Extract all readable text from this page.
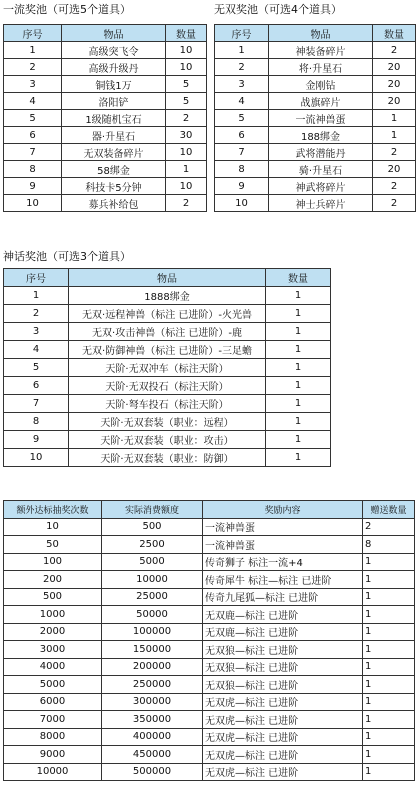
一流奖池（可选5个道具）
序号	物品	数量
1	高级突飞令	10
2	高级升级丹	10
3	铜钱1万	5
4	洛阳铲	5
5	1级随机宝石	2
6	器·升星石	30
7	无双装备碎片	10
8	58绑金	1
9	科技卡5分钟	10
10	募兵补给包	2
无双奖池（可选4个道具）
序号	物品	数量
1	神装备碎片	2
2	将·升星石	20
3	金刚钻	20
4	战旗碎片	20
5	一流神兽蛋	1
6	188绑金	1
7	武将潜能丹	2
8	骑·升星石	20
9	神武将碎片	2
10	神士兵碎片	2
神话奖池（可选3个道具）
序号	物品	数量
1	1888绑金	1
2	无双·远程神兽（标注 已进阶）-火光兽	1
3	无双·攻击神兽（标注 已进阶）-鹿	1
4	无双·防御神兽（标注 已进阶）-三足蟾	1
5	天阶·无双冲车（标注天阶）	1
6	天阶·无双投石（标注天阶）	1
7	天阶·弩车投石（标注天阶）	1
8	天阶·无双套装（职业：远程）	1
9	天阶·无双套装（职业：攻击）	1
10	天阶·无双套装（职业：防御）	1
额外达标抽奖次数	实际消费额度	奖励内容	赠送数量
10	500	一流神兽蛋	2
50	2500	一流神兽蛋	8
100	5000	传奇狮子 标注一流+4	1
200	10000	传奇犀牛 标注—标注 已进阶	1
500	25000	传奇九尾狐—标注 已进阶	1
1000	50000	无双鹿—标注 已进阶	1
2000	100000	无双鹿—标注 已进阶	1
3000	150000	无双狼—标注 已进阶	1
4000	200000	无双狼—标注 已进阶	1
5000	250000	无双狼—标注 已进阶	1
6000	300000	无双虎—标注 已进阶	1
7000	350000	无双虎—标注 已进阶	1
8000	400000	无双虎—标注 已进阶	1
9000	450000	无双虎—标注 已进阶	1
10000	500000	无双虎—标注 已进阶	1
